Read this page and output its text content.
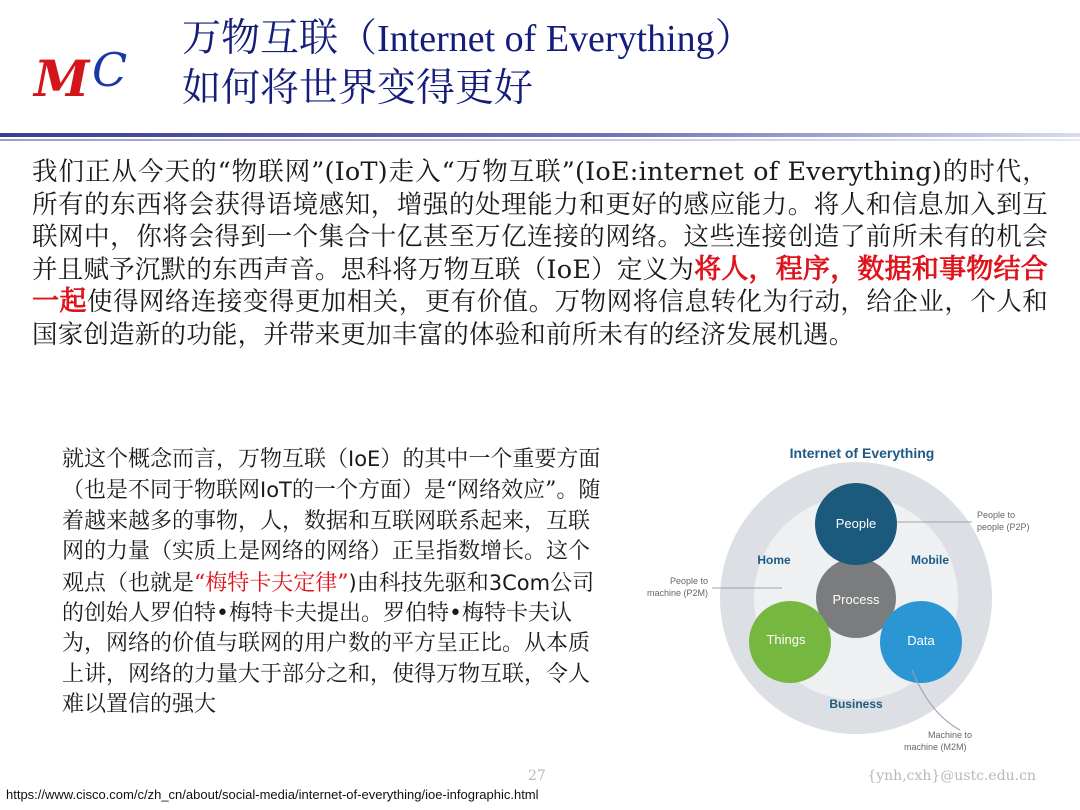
M C
万物互联（Internet of Everything）
如何将世界变得更好
我们正从今天的“物联网”(IoT)走入“万物互联”(IoE:internet of Everything)的时代，所有的东西将会获得语境感知，增强的处理能力和更好的感应能力。将人和信息加入到互联网中，你将会得到一个集合十亿甚至万亿连接的网络。这些连接创造了前所未有的机会并且赋予沉默的东西声音。思科将万物互联（IoE）定义为将人，程序，数据和事物结合一起使得网络连接变得更加相关，更有价值。万物网将信息转化为行动，给企业，个人和国家创造新的功能，并带来更加丰富的体验和前所未有的经济发展机遇。
就这个概念而言，万物互联（IoE）的其中一个重要方面（也是不同于物联网IoT的一个方面）是“网络效应”。随着越来越多的事物，人，数据和互联网联系起来，互联网的力量（实质上是网络的网络）正呈指数增长。这个观点（也就是“梅特卡夫定律”)由科技先驱和3Com公司的创始人罗伯特•梅特卡夫提出。罗伯特•梅特卡夫认为，网络的价值与联网的用户数的平方呈正比。从本质上讲，网络的力量大于部分之和，使得万物互联，令人难以置信的强大
Internet of Everything
People
Process
Things	Data
Home	Mobile
Business
People to
people (P2P)
People to
machine (P2M)
Machine to
machine (M2M)
27	{ynh,cxh}@ustc.edu.cn
https://www.cisco.com/c/zh_cn/about/social-media/internet-of-everything/ioe-infographic.html
